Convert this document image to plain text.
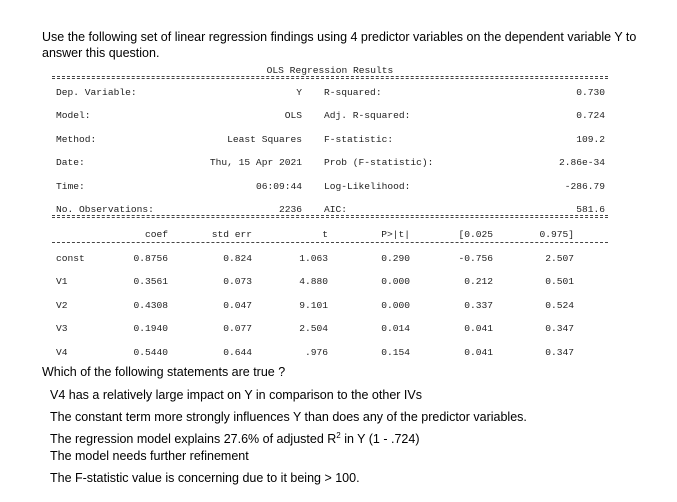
Use the following set of linear regression findings using 4 predictor variables on the dependent variable Y to answer this question.
OLS Regression Results
Dep. Variable:	Y
Model:	OLS
Method:	Least Squares
Date:	Thu, 15 Apr 2021
Time:	06:09:44
No. Observations:	2236
R-squared:	0.730
Adj. R-squared:	0.724
F-statistic:	109.2
Prob (F-statistic):	2.86e-34
Log-Likelihood:	-286.79
AIC:	581.6
coef	std err	t	P>|t|	[0.025	0.975]
const	0.8756	0.824	1.063	0.290	-0.756	2.507
V1	0.3561	0.073	4.880	0.000	0.212	0.501
V2	0.4308	0.047	9.101	0.000	0.337	0.524
V3	0.1940	0.077	2.504	0.014	0.041	0.347
V4	0.5440	0.644	.976	0.154	0.041	0.347
Which of the following statements are true ?
V4 has a relatively large impact on Y in comparison to the other IVs
The constant term more strongly influences Y than does any of the predictor variables.
The regression model explains 27.6% of adjusted $R^2$ in Y (1 - .724)
The model needs further refinement
The F-statistic value is concerning due to it being > 100.
